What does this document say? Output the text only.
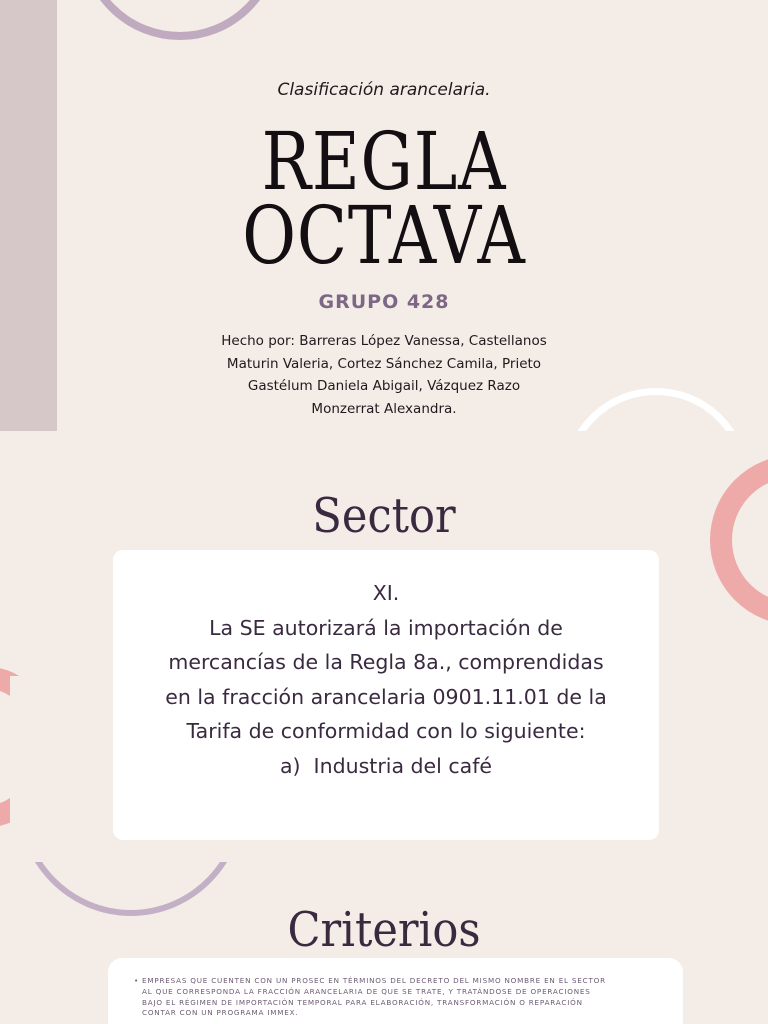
Clasificación arancelaria.
REGLA
OCTAVA
GRUPO 428
Hecho por: Barreras López Vanessa, Castellanos Maturin Valeria, Cortez Sánchez Camila, Prieto Gastélum Daniela Abigail, Vázquez Razo Monzerrat Alexandra.
Sector
XI.
La SE autorizará la importación de
mercancías de la Regla 8a., comprendidas
en la fracción arancelaria 0901.11.01 de la
Tarifa de conformidad con lo siguiente:
a)  Industria del café
Criterios
• EMPRESAS QUE CUENTEN CON UN PROSEC EN TÉRMINOS DEL DECRETO DEL MISMO NOMBRE EN EL SECTOR AL QUE CORRESPONDA LA FRACCIÓN ARANCELARIA DE QUE SE TRATE, Y TRATÁNDOSE DE OPERACIONES BAJO EL RÉGIMEN DE IMPORTACIÓN TEMPORAL PARA ELABORACIÓN, TRANSFORMACIÓN O REPARACIÓN CONTAR CON UN PROGRAMA IMMEX.
